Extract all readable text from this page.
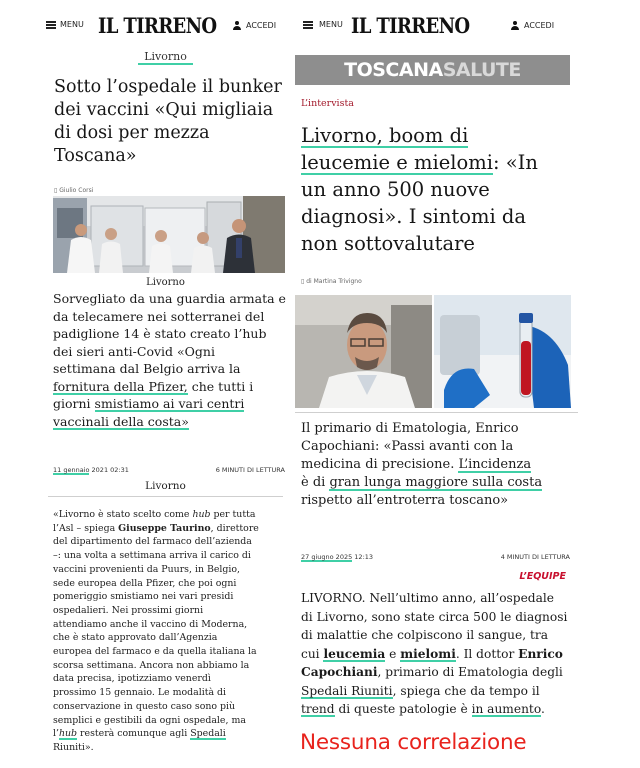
MENU IL TIRRENO	ACCEDI
Livorno
Sotto l’ospedale il bunker dei vaccini «Qui migliaia di dosi per mezza Toscana»
▯ Giulio Corsi
Livorno
Sorvegliato da una guardia armata e
da telecamere nei sotterranei del
padiglione 14 è stato creato l’hub
dei sieri anti-Covid «Ogni
settimana dal Belgio arriva la
fornitura della Pfizer, che tutti i
giorni smistiamo ai vari centri
vaccinali della costa»
11 gennaio 2021 02:31	6 MINUTI DI LETTURA
Livorno
«Livorno è stato scelto come hub per tutta
l’Asl – spiega Giuseppe Taurino, direttore
del dipartimento del farmaco dell’azienda
–: una volta a settimana arriva il carico di
vaccini provenienti da Puurs, in Belgio,
sede europea della Pfizer, che poi ogni
pomeriggio smistiamo nei vari presidi
ospedalieri. Nei prossimi giorni
attendiamo anche il vaccino di Moderna,
che è stato approvato dall’Agenzia
europea del farmaco e da quella italiana la
scorsa settimana. Ancora non abbiamo la
data precisa, ipotizziamo venerdì
prossimo 15 gennaio. Le modalità di
conservazione in questo caso sono più
semplici e gestibili da ogni ospedale, ma
l’hub resterà comunque agli Spedali
Riuniti».
MENU IL TIRRENO	ACCEDI
TOSCANASALUTE
L’intervista
Livorno, boom di
leucemie e mielomi: «In
un anno 500 nuove
diagnosi». I sintomi da
non sottovalutare
▯ di Martina Trivigno
Il primario di Ematologia, Enrico
Capochiani: «Passi avanti con la
medicina di precisione. L’incidenza
è di gran lunga maggiore sulla costa
rispetto all’entroterra toscano»
27 giugno 2025 12:13	4 MINUTI DI LETTURA
L’EQUIPE
LIVORNO. Nell’ultimo anno, all’ospedale
di Livorno, sono state circa 500 le diagnosi
di malattie che colpiscono il sangue, tra
cui leucemia e mielomi. Il dottor Enrico
Capochiani, primario di Ematologia degli
Spedali Riuniti, spiega che da tempo il
trend di queste patologie è in aumento.
Nessuna correlazione
